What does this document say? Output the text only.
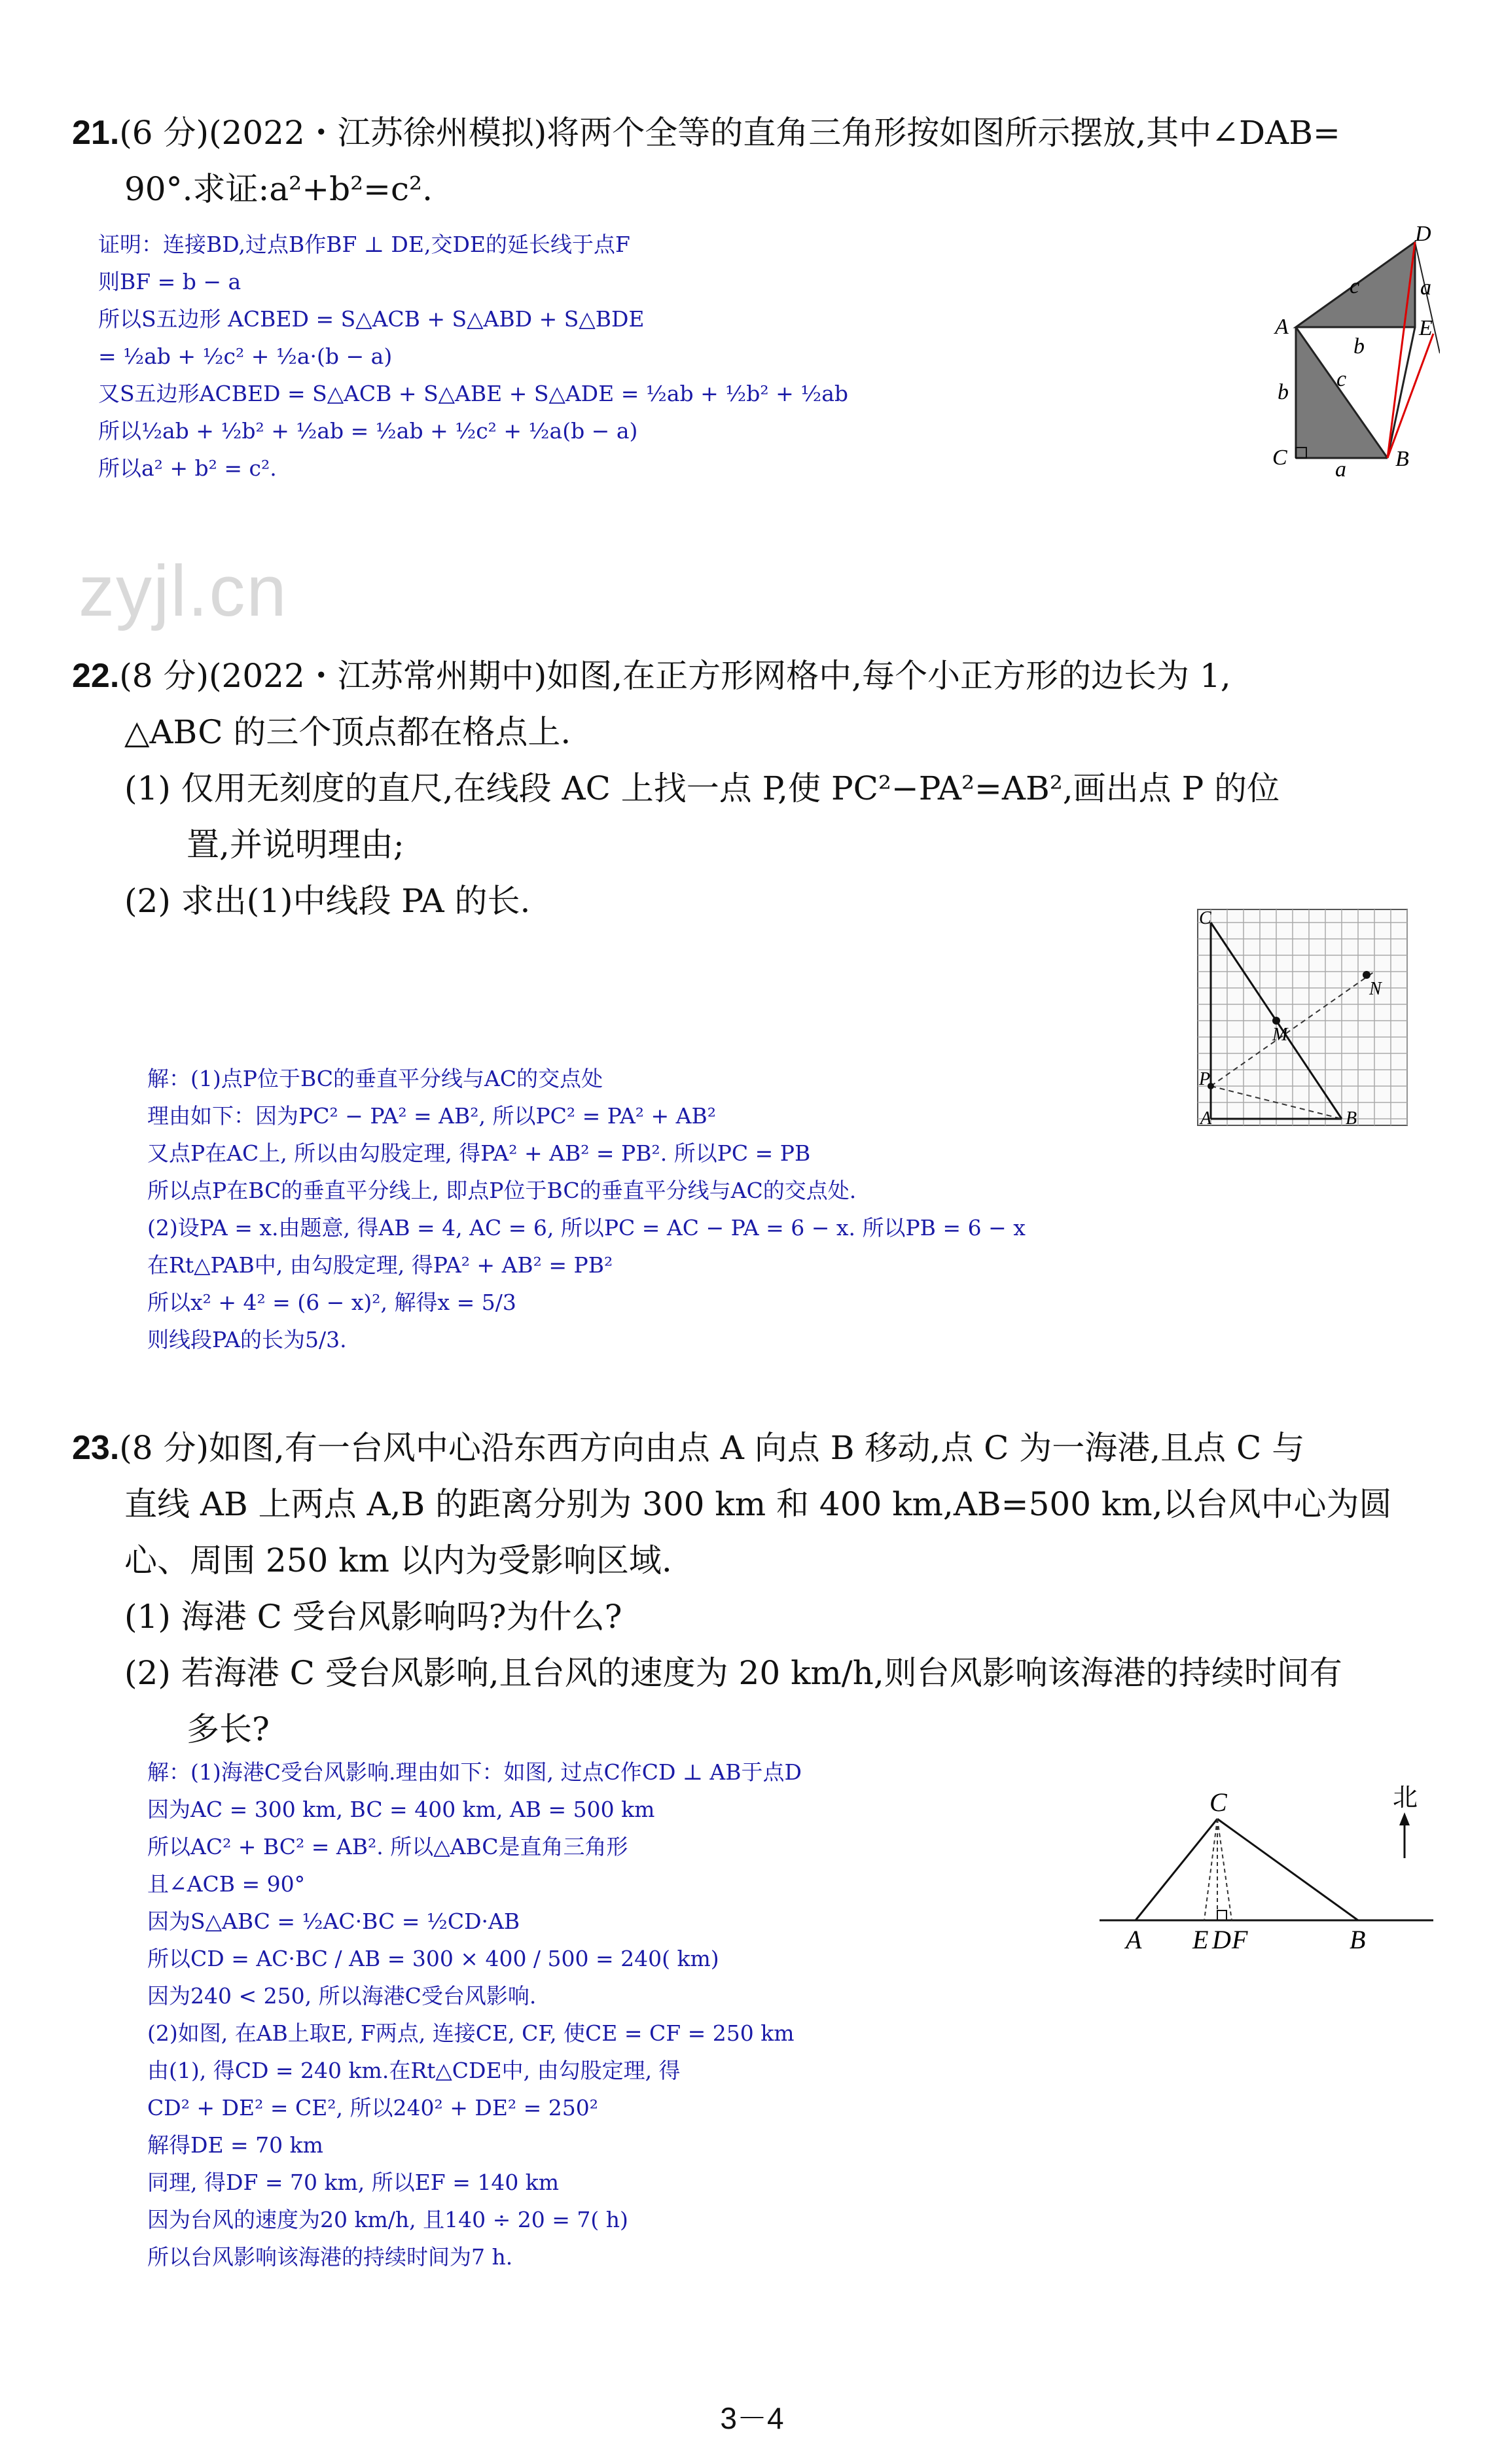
21.(6 分)(2022・江苏徐州模拟)将两个全等的直角三角形按如图所示摆放,其中∠DAB=
90°.求证:a²+b²=c².
证明：连接BD,过点B作BF ⊥ DE,交DE的延长线于点F
则BF = b − a
所以S五边形 ACBED = S△ACB + S△ABD + S△BDE
= ½ab + ½c² + ½a·(b − a)
又S五边形ACBED = S△ACB + S△ABE + S△ADE = ½ab + ½b² + ½ab
所以½ab + ½b² + ½ab = ½ab + ½c² + ½a(b − a)
所以a² + b² = c².
D
c	a
A	E
b
c
b
C a B
zyjl.cn
22.(8 分)(2022・江苏常州期中)如图,在正方形网格中,每个小正方形的边长为 1,
△ABC 的三个顶点都在格点上.
(1) 仅用无刻度的直尺,在线段 AC 上找一点 P,使 PC²−PA²=AB²,画出点 P 的位
置,并说明理由;
(2) 求出(1)中线段 PA 的长.
解：(1)点P位于BC的垂直平分线与AC的交点处
理由如下：因为PC² − PA² = AB², 所以PC² = PA² + AB²
又点P在AC上, 所以由勾股定理, 得PA² + AB² = PB². 所以PC = PB
所以点P在BC的垂直平分线上, 即点P位于BC的垂直平分线与AC的交点处.
(2)设PA = x.由题意, 得AB = 4, AC = 6, 所以PC = AC − PA = 6 − x. 所以PB = 6 − x
在Rt△PAB中, 由勾股定理, 得PA² + AB² = PB²
所以x² + 4² = (6 − x)², 解得x = 5/3
则线段PA的长为5/3.
C
N
M
P
A	B
23.(8 分)如图,有一台风中心沿东西方向由点 A 向点 B 移动,点 C 为一海港,且点 C 与
直线 AB 上两点 A,B 的距离分别为 300 km 和 400 km,AB=500 km,以台风中心为圆
心、周围 250 km 以内为受影响区域.
(1) 海港 C 受台风影响吗?为什么?
(2) 若海港 C 受台风影响,且台风的速度为 20 km/h,则台风影响该海港的持续时间有
多长?
解：(1)海港C受台风影响.理由如下：如图, 过点C作CD ⊥ AB于点D
因为AC = 300 km, BC = 400 km, AB = 500 km
所以AC² + BC² = AB². 所以△ABC是直角三角形
且∠ACB = 90°
因为S△ABC = ½AC·BC = ½CD·AB
所以CD = AC·BC / AB = 300 × 400 / 500 = 240( km)
因为240 < 250, 所以海港C受台风影响.
(2)如图, 在AB上取E, F两点, 连接CE, CF, 使CE = CF = 250 km
由(1), 得CD = 240 km.在Rt△CDE中, 由勾股定理, 得
CD² + DE² = CE², 所以240² + DE² = 250²
解得DE = 70 km
同理, 得DF = 70 km, 所以EF = 140 km
因为台风的速度为20 km/h, 且140 ÷ 20 = 7( h)
所以台风影响该海港的持续时间为7 h.
C	北
A E D F	B
3－4
